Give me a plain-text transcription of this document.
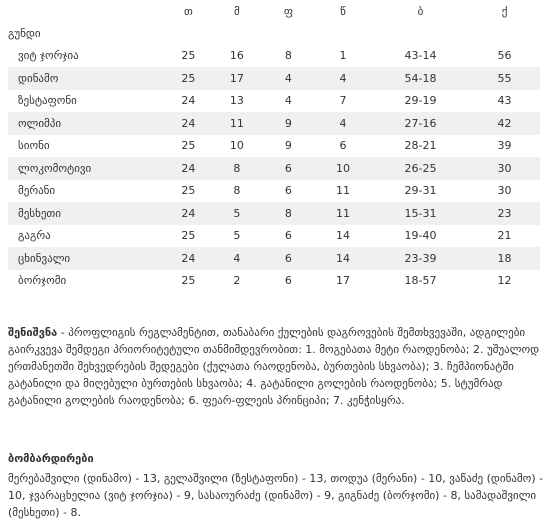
	თ	მ	ფ	წ	ბ	ქ
გუნდი						
ვიტ ჯორჯია	25	16	8	1	43-14	56
დინამო	25	17	4	4	54-18	55
ზესტაფონი	24	13	4	7	29-19	43
ოლიმპი	24	11	9	4	27-16	42
სიონი	25	10	9	6	28-21	39
ლოკომოტივი	24	8	6	10	26-25	30
მერანი	25	8	6	11	29-31	30
მესხეთი	24	5	8	11	15-31	23
გაგრა	25	5	6	14	19-40	21
ცხინვალი	24	4	6	14	23-39	18
ბორჯომი	25	2	6	17	18-57	12

შენიშვნა - პროფლიგის რეგლამენტით, თანაბარი ქულების დაგროვების შემთხვევაში, ადგილები გაირკვევა შემდეგი პრიორიტეტული თანმიმდევრობით: 1. მოგებათა მეტი რაოდენობა; 2. უშუალოდ ერთმანეთში შეხვედრების შედეგები (ქულათა რაოდენობა, ბურთების სხვაობა); 3. ჩემპიონატში გატანილი და მიღებული ბურთების სხვაობა; 4. გატანილი გოლების რაოდენობა; 5. სტუმრად გატანილი გოლების რაოდენობა; 6. ფეარ-ფლეის პრინციპი; 7. კენჭისყრა.

ბომბარდირები

მერებაშვილი (დინამო) - 13, გელაშვილი (ზესტაფონი) - 13, თოდუა (მერანი) - 10, ვაწაძე (დინამო) - 10, ჯვარაცხელია (ვიტ ჯორჯია) - 9, სასაოურაძე (დინამო) - 9, გიგნაძე (ბორჯომი) - 8, სამადაშვილი (მესხეთი) - 8.
